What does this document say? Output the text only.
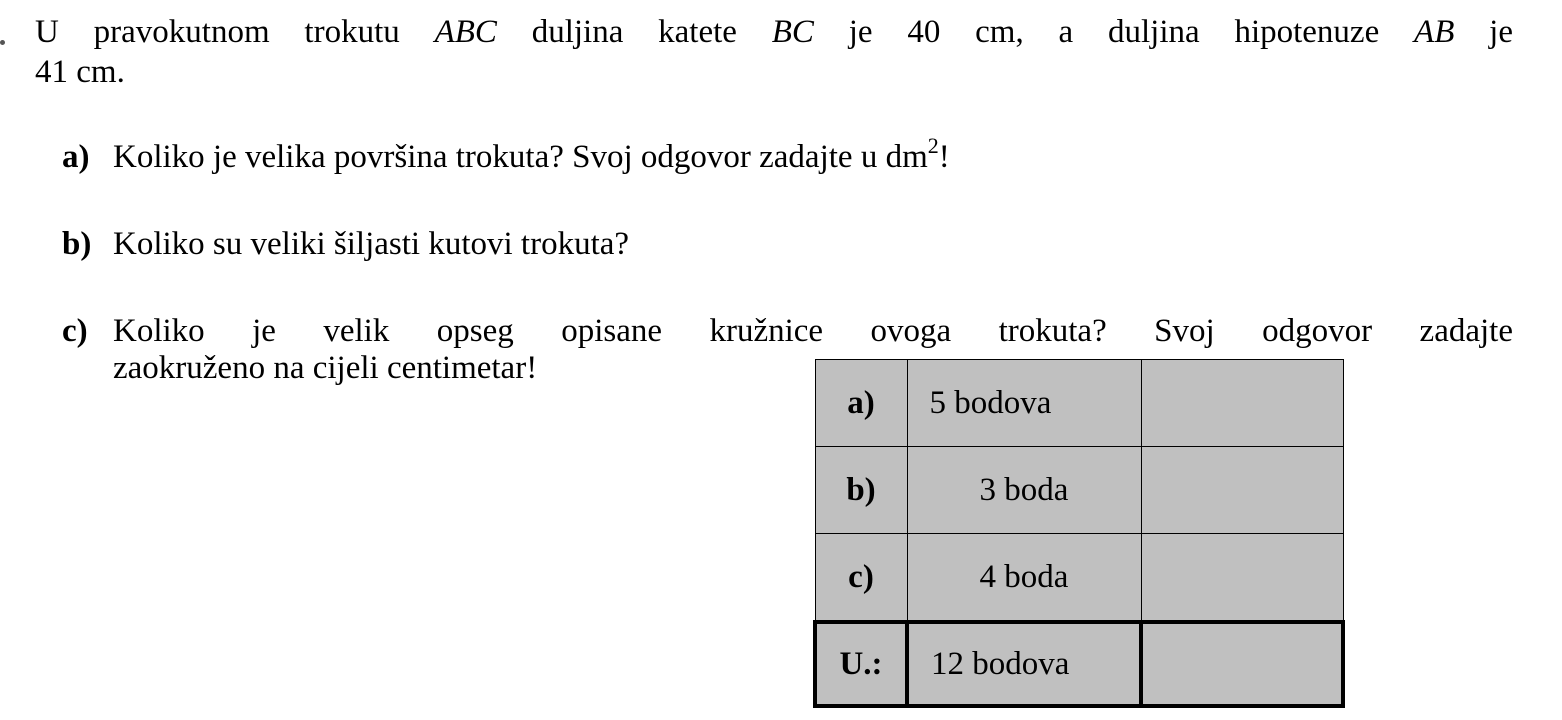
U pravokutnom trokutu ABC duljina katete BC je 40 cm, a duljina hipotenuze AB je
41 cm.
a) Koliko je velika površina trokuta? Svoj odgovor zadajte u $dm^2$!
b) Koliko su veliki šiljasti kutovi trokuta?
c) Koliko je velik opseg opisane kružnice ovoga trokuta? Svoj odgovor zadajte
zaokruženo na cijeli centimetar!
a)	5 bodova	
b)	3 boda	
c)	4 boda	
U.:	12 bodova	
